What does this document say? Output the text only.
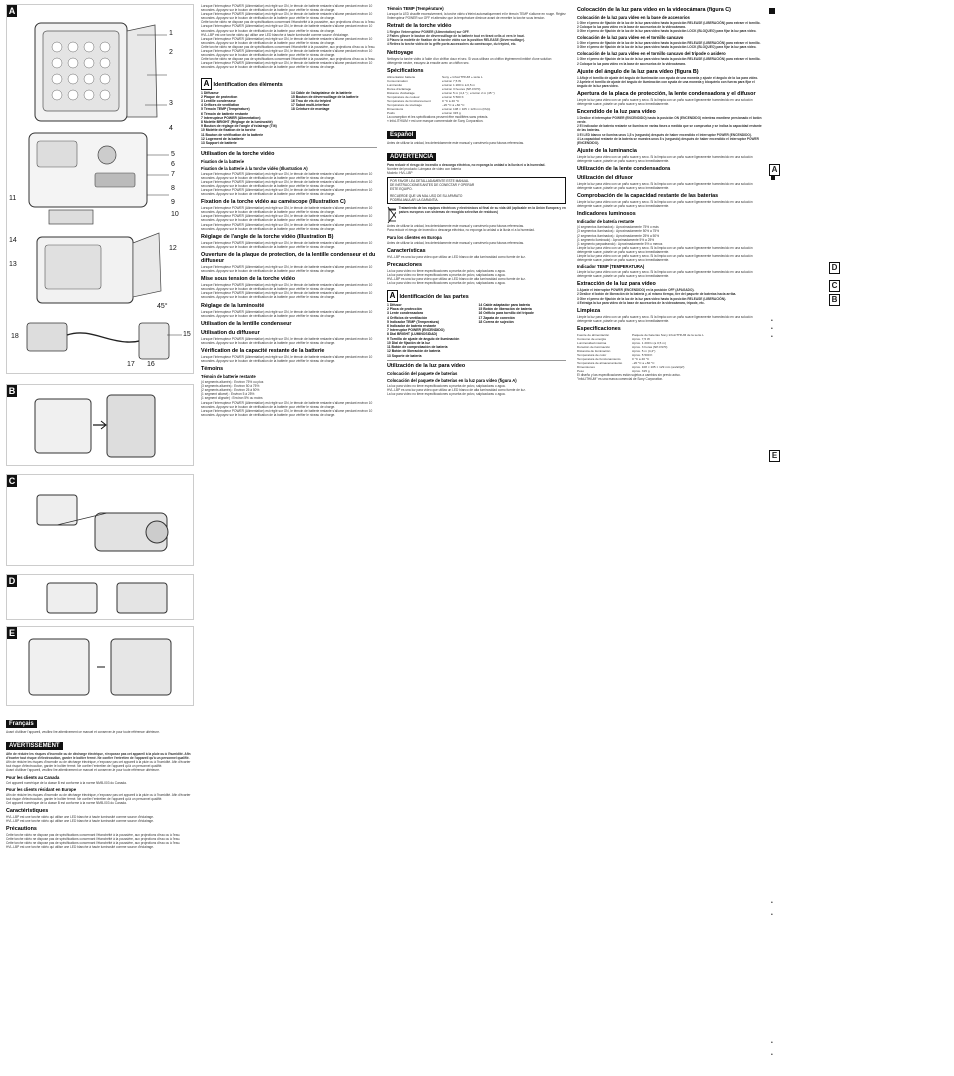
A
1
2
3
4
5
6
7
8
9
10
11
12
13
14
15
16
17
18
45°
B
C
D
E
Français

Avant d'utiliser l'appareil, veuillez lire attentivement ce manuel et conserver-le pour toute référence ultérieure.

AVERTISSEMENT

Afin de réduire les risques d'incendie ou de décharge électrique, n'exposez pas cet appareil à la pluie ou à l'humidité. Afin d'écarter tout risque d'électrocution, garder le boîtier fermé. Ne confier l'entretien de l'appareil qu'à un personnel qualifié.

Afin de réduire les risques d'incendie ou de décharge électrique, n'exposez pas cet appareil à la pluie ou à l'humidité. Afin d'écarter tout risque d'électrocution, garder le boîtier fermé. Ne confier l'entretien de l'appareil qu'à un personnel qualifié.

Avant d'utiliser l'appareil, veuillez lire attentivement ce manuel et conserver-le pour toute référence ultérieure.

Pour les clients au Canada

Cet appareil numérique de la classe B est conforme à la norme NMB-003 du Canada.

Pour les clients résidant en Europe

Afin de réduire les risques d'incendie ou de décharge électrique, n'exposez pas cet appareil à la pluie ou à l'humidité. Afin d'écarter tout risque d'électrocution, garder le boîtier fermé. Ne confier l'entretien de l'appareil qu'à un personnel qualifié.

Cet appareil numérique de la classe B est conforme à la norme NMB-003 du Canada.

Caractéristiques

HVL-LBP est une torche vidéo qui utilise une LED blanche à haute luminosité comme source d'éclairage.

HVL-LBP est une torche vidéo qui utilise une LED blanche à haute luminosité comme source d'éclairage.

Précautions

Cette torche vidéo ne dispose pas de spécifications concernant l'étanchéité à la poussière, aux projections d'eau ou à l'eau.

Cette torche vidéo ne dispose pas de spécifications concernant l'étanchéité à la poussière, aux projections d'eau ou à l'eau.

Cette torche vidéo ne dispose pas de spécifications concernant l'étanchéité à la poussière, aux projections d'eau ou à l'eau.

HVL-LBP est une torche vidéo qui utilise une LED blanche à haute luminosité comme source d'éclairage.

Lorsque l'interrupteur POWER (Alimentation) est réglé sur ON, le témoin de batterie restante s'allume pendant environ 10 secondes. Appuyez sur le bouton de vérification de la batterie pour vérifier le niveau de charge.

Lorsque l'interrupteur POWER (Alimentation) est réglé sur ON, le témoin de batterie restante s'allume pendant environ 10 secondes. Appuyez sur le bouton de vérification de la batterie pour vérifier le niveau de charge.

Cette torche vidéo ne dispose pas de spécifications concernant l'étanchéité à la poussière, aux projections d'eau ou à l'eau.

Lorsque l'interrupteur POWER (Alimentation) est réglé sur ON, le témoin de batterie restante s'allume pendant environ 10 secondes. Appuyez sur le bouton de vérification de la batterie pour vérifier le niveau de charge.

HVL-LBP est une torche vidéo qui utilise une LED blanche à haute luminosité comme source d'éclairage.

Lorsque l'interrupteur POWER (Alimentation) est réglé sur ON, le témoin de batterie restante s'allume pendant environ 10 secondes. Appuyez sur le bouton de vérification de la batterie pour vérifier le niveau de charge.

Cette torche vidéo ne dispose pas de spécifications concernant l'étanchéité à la poussière, aux projections d'eau ou à l'eau.

Lorsque l'interrupteur POWER (Alimentation) est réglé sur ON, le témoin de batterie restante s'allume pendant environ 10 secondes. Appuyez sur le bouton de vérification de la batterie pour vérifier le niveau de charge.

Cette torche vidéo ne dispose pas de spécifications concernant l'étanchéité à la poussière, aux projections d'eau ou à l'eau.

Lorsque l'interrupteur POWER (Alimentation) est réglé sur ON, le témoin de batterie restante s'allume pendant environ 10 secondes. Appuyez sur le bouton de vérification de la batterie pour vérifier le niveau de charge.

A Identification des éléments
1 Diffuseur
2 Plaque de protection
3 Lentille condenseur
4 Orifices de ventilation
5 Témoin TEMP (Température)
6 Témoin de batterie restante
7 Interrupteur POWER (Alimentation)
8 Molette BRIGHT (Réglage de la luminosité)
9 Bouton de réglage de l'angle d'éclairage (Tilt)
10 Molette de fixation de la torche
11 Bouton de vérification de la batterie
12 Logement de la batterie
13 Support de batterie
14 Câble de l'adaptateur de la batterie
15 Bouton de déverrouillage de la batterie
16 Trou de vis du trépied
17 Sabot multi-interface
18 Ceinture de montage
Utilisation de la torche vidéo
Fixation de la batterie
Fixation de la batterie à la torche vidéo (Illustration A)

Lorsque l'interrupteur POWER (Alimentation) est réglé sur ON, le témoin de batterie restante s'allume pendant environ 10 secondes. Appuyez sur le bouton de vérification de la batterie pour vérifier le niveau de charge.

Lorsque l'interrupteur POWER (Alimentation) est réglé sur ON, le témoin de batterie restante s'allume pendant environ 10 secondes. Appuyez sur le bouton de vérification de la batterie pour vérifier le niveau de charge.

Lorsque l'interrupteur POWER (Alimentation) est réglé sur ON, le témoin de batterie restante s'allume pendant environ 10 secondes. Appuyez sur le bouton de vérification de la batterie pour vérifier le niveau de charge.

Fixation de la torche vidéo au caméscope (Illustration C)

Lorsque l'interrupteur POWER (Alimentation) est réglé sur ON, le témoin de batterie restante s'allume pendant environ 10 secondes. Appuyez sur le bouton de vérification de la batterie pour vérifier le niveau de charge.

Lorsque l'interrupteur POWER (Alimentation) est réglé sur ON, le témoin de batterie restante s'allume pendant environ 10 secondes. Appuyez sur le bouton de vérification de la batterie pour vérifier le niveau de charge.

Lorsque l'interrupteur POWER (Alimentation) est réglé sur ON, le témoin de batterie restante s'allume pendant environ 10 secondes. Appuyez sur le bouton de vérification de la batterie pour vérifier le niveau de charge.

Réglage de l'angle de la torche vidéo (Illustration B)

Lorsque l'interrupteur POWER (Alimentation) est réglé sur ON, le témoin de batterie restante s'allume pendant environ 10 secondes. Appuyez sur le bouton de vérification de la batterie pour vérifier le niveau de charge.

Ouverture de la plaque de protection, de la lentille condenseur et du diffuseur

Lorsque l'interrupteur POWER (Alimentation) est réglé sur ON, le témoin de batterie restante s'allume pendant environ 10 secondes. Appuyez sur le bouton de vérification de la batterie pour vérifier le niveau de charge.

Mise sous tension de la torche vidéo

Lorsque l'interrupteur POWER (Alimentation) est réglé sur ON, le témoin de batterie restante s'allume pendant environ 10 secondes. Appuyez sur le bouton de vérification de la batterie pour vérifier le niveau de charge.

Lorsque l'interrupteur POWER (Alimentation) est réglé sur ON, le témoin de batterie restante s'allume pendant environ 10 secondes. Appuyez sur le bouton de vérification de la batterie pour vérifier le niveau de charge.

Réglage de la luminosité

Lorsque l'interrupteur POWER (Alimentation) est réglé sur ON, le témoin de batterie restante s'allume pendant environ 10 secondes. Appuyez sur le bouton de vérification de la batterie pour vérifier le niveau de charge.

Utilisation de la lentille condenseur
Utilisation du diffuseur

Lorsque l'interrupteur POWER (Alimentation) est réglé sur ON, le témoin de batterie restante s'allume pendant environ 10 secondes. Appuyez sur le bouton de vérification de la batterie pour vérifier le niveau de charge.

Vérification de la capacité restante de la batterie

Lorsque l'interrupteur POWER (Alimentation) est réglé sur ON, le témoin de batterie restante s'allume pendant environ 10 secondes. Appuyez sur le bouton de vérification de la batterie pour vérifier le niveau de charge.

Témoins
Témoin de batterie restante

(4 segments allumés) : Environ 75% ou plus

(3 segments allumés) : Environ 50 à 75%

(2 segments allumés) : Environ 25 à 50%

(1 segment allumé) : Environ 5 à 25%

(1 segment clignote) : Environ 5% ou moins

Lorsque l'interrupteur POWER (Alimentation) est réglé sur ON, le témoin de batterie restante s'allume pendant environ 10 secondes. Appuyez sur le bouton de vérification de la batterie pour vérifier le niveau de charge.

Lorsque l'interrupteur POWER (Alimentation) est réglé sur ON, le témoin de batterie restante s'allume pendant environ 10 secondes. Appuyez sur le bouton de vérification de la batterie pour vérifier le niveau de charge.

Témoin TEMP (Température)

Lorsque la LED chauffe excessivement, la torche vidéo s'éteint automatiquement et le témoin TEMP s'allume en rouge. Réglez l'interrupteur POWER sur OFF et attendez que la température diminue avant de remettre la torche sous tension.

Retrait de la torche vidéo

1 Réglez l'interrupteur POWER (Alimentation) sur OFF.

2 Faites glisser le bouton de déverrouillage de la batterie tout en tirant celle-ci vers le haut.

3 Placez la molette de fixation de la torche vidéo sur la position RELEASE (Déverrouillage).

4 Retirez la torche vidéo de la griffe porte-accessoires du caméscope, du trépied, etc.

Nettoyage

Nettoyez la torche vidéo à l'aide d'un chiffon doux et sec. Si vous utilisez un chiffon légèrement imbibé d'une solution détergente neutre, essuyez-la ensuite avec un chiffon sec.

Spécifications
Alimentation batterie	Sony « InfoLITHIUM » série L
Consommation	environ 7,5 W
Luminosité	environ 1 200 lx à 0,5 m
Durée d'éclairage	environ 3 heures (NP-F970)
Distance d'éclairage	environ 5 m (4,4 °) ; environ 2 m (45 °)
Température de couleur	environ 5 500 K
Température de fonctionnement	0 °C à 40 °C
Température de stockage	–20 °C à +60 °C
Dimensions	environ 108 × 105 × 129 mm (l/h/p)
Poids	environ 315 g

La conception et les spécifications peuvent être modifiées sans préavis.

« InfoLITHIUM » est une marque commerciale de Sony Corporation.

Español

Antes de utilizar la unidad, lea detenidamente este manual y consérvelo para futuras referencias.

ADVERTENCIA

Para reducir el riesgo de incendio o descarga eléctrica, no exponga la unidad a la lluvia ni a la humedad.

Nombre del producto: Lámpara de video con batería

Modelo: HVL-LBP

POR FAVOR LEA DETALLADAMENTE ESTE MANUAL
DE INSTRUCCIONES ANTES DE CONECTAR Y OPERAR
ESTE EQUIPO.
RECUERDE QUE UN MAL USO DE SU APARATO
PODRÍA ANULAR LA GARANTÍA.

Tratamiento de los equipos eléctricos y electrónicos al final de su vida útil (aplicable en la Unión Europea y en países europeos con sistemas de recogida selectiva de residuos)

Antes de utilizar la unidad, lea detenidamente este manual y consérvelo para futuras referencias.

Para reducir el riesgo de incendio o descarga eléctrica, no exponga la unidad a la lluvia ni a la humedad.

Para los clientes en Europa

Antes de utilizar la unidad, lea detenidamente este manual y consérvelo para futuras referencias.

Características

HVL-LBP es una luz para vídeo que utiliza un LED blanco de alta luminosidad como fuente de luz.

Precauciones

La luz para vídeo no tiene especificaciones a prueba de polvo, salpicaduras o agua.

La luz para vídeo no tiene especificaciones a prueba de polvo, salpicaduras o agua.

HVL-LBP es una luz para vídeo que utiliza un LED blanco de alta luminosidad como fuente de luz.

La luz para vídeo no tiene especificaciones a prueba de polvo, salpicaduras o agua.

A Identificación de las partes
1 Difusor
2 Placa de protección
3 Lente condensadora
4 Orificios de ventilación
5 Indicador TEMP (Temperatura)
6 Indicador de batería restante
7 Interruptor POWER (ENCENDIDO)
8 Dial BRIGHT (LUMINOSIDAD)
9 Tornillo de ajuste de ángulo de iluminación
10 Dial de fijación de la luz
11 Botón de comprobación de batería
12 Botón de liberación de batería
13 Soporte de batería
14 Cable adaptador para batería
15 Botón de liberación de batería
16 Orificio para tornillo del trípode
17 Zapata de conexión
18 Correa de sujeción
Utilización de la luz para vídeo
Colocación del paquete de baterías
Colocación del paquete de baterías en la luz para vídeo (figura A)

La luz para vídeo no tiene especificaciones a prueba de polvo, salpicaduras o agua.

HVL-LBP es una luz para vídeo que utiliza un LED blanco de alta luminosidad como fuente de luz.

La luz para vídeo no tiene especificaciones a prueba de polvo, salpicaduras o agua.

Colocación de la luz para vídeo en la videocámara (figura C)
Colocación de la luz para vídeo en la base de accesorios

1 Gire el perno de fijación de la luz de la luz para vídeo hasta la posición RELEASE (LIBERACIÓN) para extraer el tornillo.

2 Coloque la luz para vídeo en la base de accesorios de la videocámara.

3 Gire el perno de fijación de la luz de la luz para vídeo hasta la posición LOCK (BLOQUEO) para fijar la luz para vídeo.

Colocación de la luz para vídeo en el tornillo cancavo

1 Gire el perno de fijación de la luz de la luz para vídeo hasta la posición RELEASE (LIBERACIÓN) para extraer el tornillo.

3 Gire el perno de fijación de la luz de la luz para vídeo hasta la posición LOCK (BLOQUEO) para fijar la luz para vídeo.

Colocación de la luz para vídeo en el tornillo cancavo del trípode o asidero

1 Gire el perno de fijación de la luz de la luz para vídeo hasta la posición RELEASE (LIBERACIÓN) para extraer el tornillo.

2 Coloque la luz para vídeo en la base de accesorios de la videocámara.

Ajuste del ángulo de la luz para vídeo (figura B)

1 Afloje el tornillo de ajuste del ángulo de iluminación con ayuda de una moneda y ajuste el ángulo de la luz para vídeo.

2 Apriete el tornillo de ajuste del ángulo de iluminación con ayuda de una moneda y bloquéelo con fuerza para fijar el ángulo de la luz para vídeo.

Apertura de la placa de protección, la lente condensadora y el difusor

Limpie la luz para vídeo con un paño suave y seco. Si la limpia con un paño suave ligeramente humedecido en una solución detergente suave, pásele un paño suave y seco inmediatamente.

Encendido de la luz para vídeo

1 Deslice el interruptor POWER (ENCENDIDO) hasta la posición ON (ENCENDIDO) mientras mantiene presionado el botón verde.

2 El indicador de batería restante se ilumina en varias fases a medida que se comprueba y se indica la capacidad restante de las baterías.

3 El LED blanco se ilumina unos 1,5 s (segundo) después de haber encendido el interruptor POWER (ENCENDIDO).

4 La capacidad restante de la batería se muestra unos 8 s (segundo) después de haber encendido el interruptor POWER (ENCENDIDO).

Ajuste de la luminancia

Limpie la luz para vídeo con un paño suave y seco. Si la limpia con un paño suave ligeramente humedecido en una solución detergente suave, pásele un paño suave y seco inmediatamente.

Utilización de la lente condensadora
Utilización del difusor

Limpie la luz para vídeo con un paño suave y seco. Si la limpia con un paño suave ligeramente humedecido en una solución detergente suave, pásele un paño suave y seco inmediatamente.

Comprobación de la capacidad restante de las baterías

Limpie la luz para vídeo con un paño suave y seco. Si la limpia con un paño suave ligeramente humedecido en una solución detergente suave, pásele un paño suave y seco inmediatamente.

Indicadores luminosos
Indicador de batería restante

(4 segmentos iluminados) : Aproximadamente 75% o más

(3 segmentos iluminados) : Aproximadamente 50% a 75%

(2 segmentos iluminados) : Aproximadamente 25% a 50%

(1 segmento iluminado) : Aproximadamente 5% a 25%

(1 segmento parpadeando) : Aproximadamente 5% o menos

Limpie la luz para vídeo con un paño suave y seco. Si la limpia con un paño suave ligeramente humedecido en una solución detergente suave, pásele un paño suave y seco inmediatamente.

Limpie la luz para vídeo con un paño suave y seco. Si la limpia con un paño suave ligeramente humedecido en una solución detergente suave, pásele un paño suave y seco inmediatamente.

Indicador TEMP (TEMPERATURA)

Limpie la luz para vídeo con un paño suave y seco. Si la limpia con un paño suave ligeramente humedecido en una solución detergente suave, pásele un paño suave y seco inmediatamente.

Extracción de la luz para vídeo

1 Ajuste el interruptor POWER (ENCENDIDO) en la posición OFF (APAGADO).

2 Deslice el botón de liberación de la batería y, al mismo tiempo, tire del paquete de baterías hacia arriba.

3 Gire el perno de fijación de la luz de la luz para vídeo hasta la posición RELEASE (LIBERACIÓN).

4 Extraiga la luz para vídeo de la base de accesorios de la videocámara, trípode, etc.

Limpieza

Limpie la luz para vídeo con un paño suave y seco. Si la limpia con un paño suave ligeramente humedecido en una solución detergente suave, pásele un paño suave y seco inmediatamente.

Especificaciones
Fuente de alimentación	Paquete de baterías Sony InfoLITHIUM de la serie L
Consumo de energía	Aprox. 7,5 W
Luminosidad máxima	Aprox. 1 200 lx (a 0,5 m)
Duración de iluminación	Aprox. 3 horas (NP-F970)
Distancia de iluminación	Aprox. 5 m (4,4°)
Temperatura de color	Aprox. 5 500 K
Temperatura de funcionamiento	0 °C a 40 °C
Temperatura de almacenamiento	–20 °C a +60 °C
Dimensiones	Aprox. 108 × 105 × 129 mm (an/al/prf)
Peso	Aprox. 315 g

El diseño y las especificaciones están sujetos a cambios sin previo aviso.

"InfoLITHIUM" es una marca comercial de Sony Corporation.

A
D
C
B
E
•
•
•
•
•
•
•
